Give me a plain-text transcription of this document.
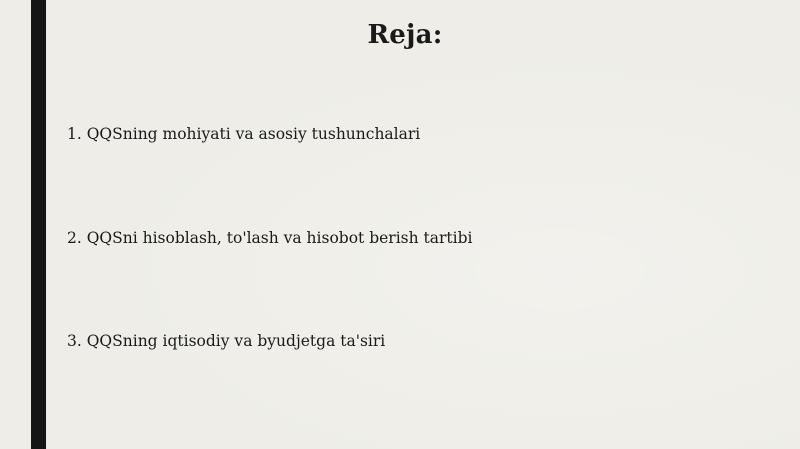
Reja:
1. QQSning mohiyati va asosiy tushunchalari
2. QQSni hisoblash, to'lash va hisobot berish tartibi
3. QQSning iqtisodiy va byudjetga ta'siri
